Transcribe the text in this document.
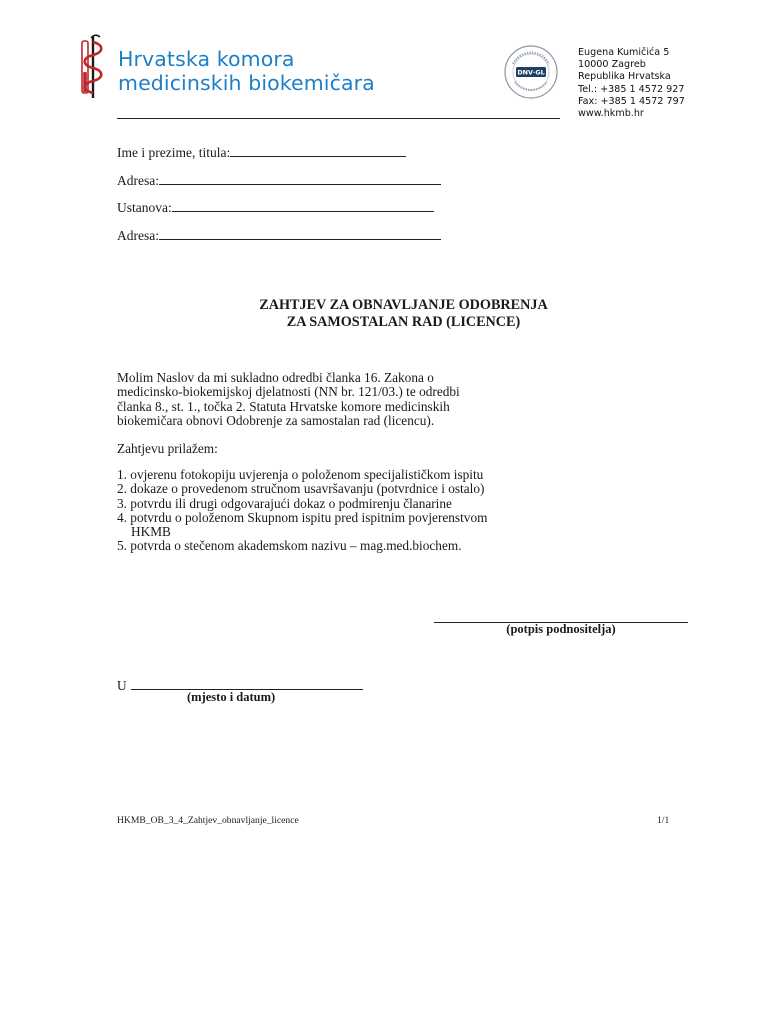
Hrvatska komora
medicinskih biokemičara	DNV·GL
Eugena Kumičića 5
10000 Zagreb
Republika Hrvatska
Tel.: +385 1 4572 927
Fax: +385 1 4572 797
www.hkmb.hr
Ime i prezime, titula:
Adresa:
Ustanova:
Adresa:
ZAHTJEV ZA OBNAVLJANJE ODOBRENJA
ZA SAMOSTALAN RAD (LICENCE)
Molim Naslov da mi sukladno odredbi članka 16. Zakona o
medicinsko-biokemijskoj djelatnosti (NN br. 121/03.) te odredbi
članka 8., st. 1., točka 2. Statuta Hrvatske komore medicinskih
biokemičara obnovi Odobrenje za samostalan rad (licencu).
Zahtjevu prilažem:
1. ovjerenu fotokopiju uvjerenja o položenom specijalističkom ispitu
2. dokaze o provedenom stručnom usavršavanju (potvrdnice i ostalo)
3. potvrdu ili drugi odgovarajući dokaz o podmirenju članarine
4. potvrdu o položenom Skupnom ispitu pred ispitnim povjerenstvom
HKMB
5. potvrda o stečenom akademskom nazivu – mag.med.biochem.
(potpis podnositelja)
U
(mjesto i datum)
HKMB_OB_3_4_Zahtjev_obnavljanje_licence	1/1
